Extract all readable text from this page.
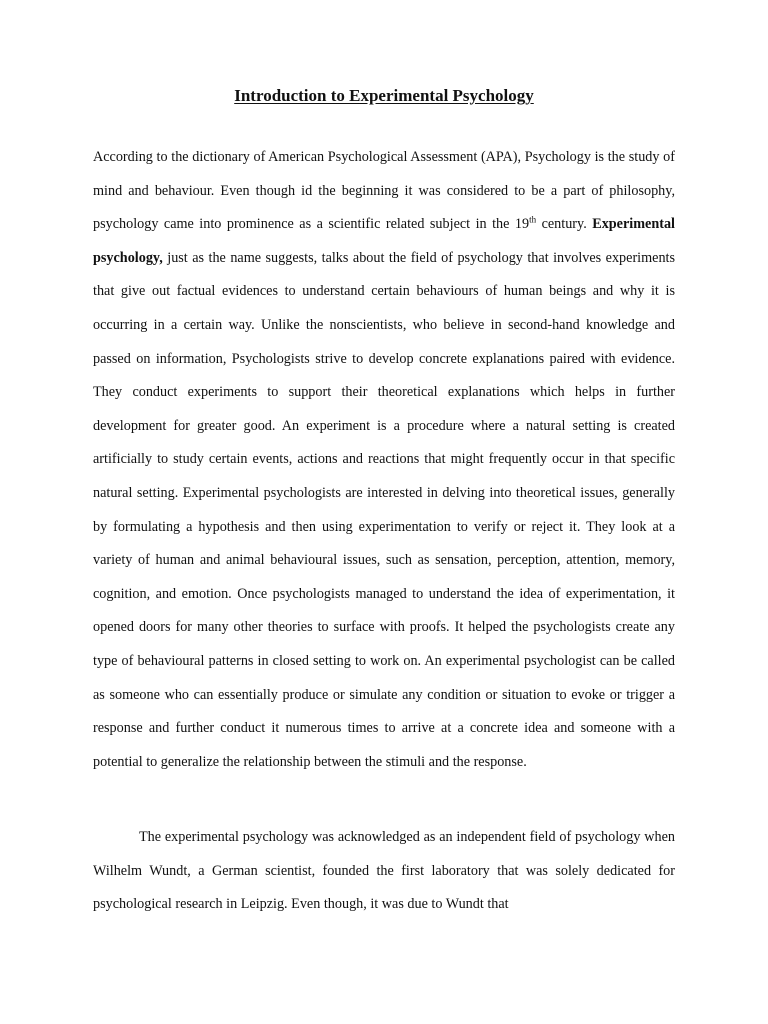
Introduction to Experimental Psychology

According to the dictionary of American Psychological Assessment (APA), Psychology is the study of mind and behaviour. Even though id the beginning it was considered to be a part of philosophy, psychology came into prominence as a scientific related subject in the 19th century. Experimental psychology, just as the name suggests, talks about the field of psychology that involves experiments that give out factual evidences to understand certain behaviours of human beings and why it is occurring in a certain way. Unlike the nonscientists, who believe in second-hand knowledge and passed on information, Psychologists strive to develop concrete explanations paired with evidence. They conduct experiments to support their theoretical explanations which helps in further development for greater good. An experiment is a procedure where a natural setting is created artificially to study certain events, actions and reactions that might frequently occur in that specific natural setting. Experimental psychologists are interested in delving into theoretical issues, generally by formulating a hypothesis and then using experimentation to verify or reject it. They look at a variety of human and animal behavioural issues, such as sensation, perception, attention, memory, cognition, and emotion. Once psychologists managed to understand the idea of experimentation, it opened doors for many other theories to surface with proofs. It helped the psychologists create any type of behavioural patterns in closed setting to work on. An experimental psychologist can be called as someone who can essentially produce or simulate any condition or situation to evoke or trigger a response and further conduct it numerous times to arrive at a concrete idea and someone with a potential to generalize the relationship between the stimuli and the response.

The experimental psychology was acknowledged as an independent field of psychology when Wilhelm Wundt, a German scientist, founded the first laboratory that was solely dedicated for psychological research in Leipzig. Even though, it was due to Wundt that
